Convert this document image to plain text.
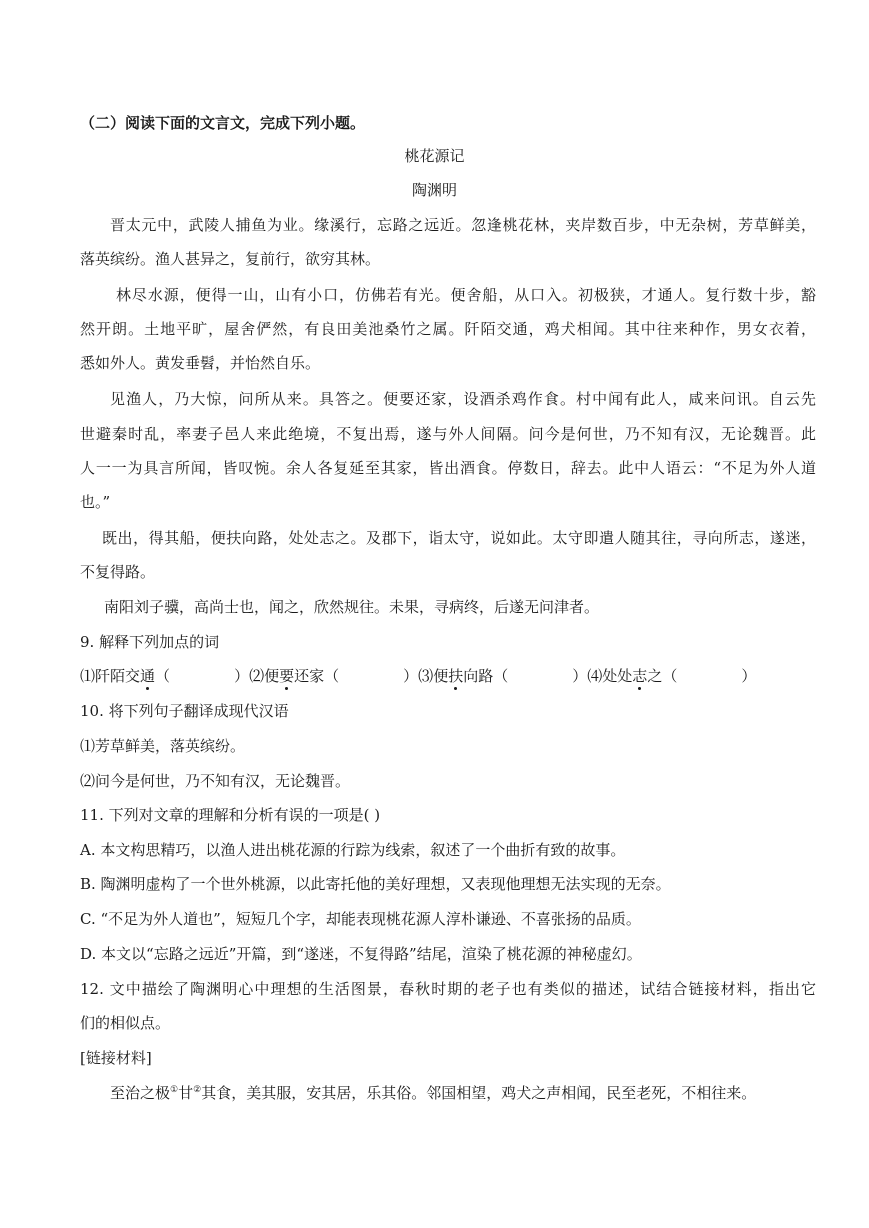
（二）阅读下面的文言文，完成下列小题。
桃花源记
陶渊明
晋太元中，武陵人捕鱼为业。缘溪行，忘路之远近。忽逢桃花林，夹岸数百步，中无杂树，芳草鲜美，
落英缤纷。渔人甚异之，复前行，欲穷其林。
林尽水源，便得一山，山有小口，仿佛若有光。便舍船，从口入。初极狭，才通人。复行数十步，豁
然开朗。土地平旷，屋舍俨然，有良田美池桑竹之属。阡陌交通，鸡犬相闻。其中往来种作，男女衣着，
悉如外人。黄发垂髫，并怡然自乐。
见渔人，乃大惊，问所从来。具答之。便要还家，设酒杀鸡作食。村中闻有此人，咸来问讯。自云先
世避秦时乱，率妻子邑人来此绝境，不复出焉，遂与外人间隔。问今是何世，乃不知有汉，无论魏晋。此
人一一为具言所闻，皆叹惋。余人各复延至其家，皆出酒食。停数日，辞去。此中人语云：“不足为外人道
也。”
既出，得其船，便扶向路，处处志之。及郡下，诣太守，说如此。太守即遣人随其往，寻向所志，遂迷，
不复得路。
南阳刘子骥，高尚士也，闻之，欣然规往。未果，寻病终，后遂无问津者。
9. 解释下列加点的词
⑴阡陌交通（	）⑵便要还家（	）⑶便扶向路（	）⑷处处志之（	）
10. 将下列句子翻译成现代汉语
⑴芳草鲜美，落英缤纷。
⑵问今是何世，乃不知有汉，无论魏晋。
11. 下列对文章的理解和分析有误的一项是( )
A. 本文构思精巧，以渔人进出桃花源的行踪为线索，叙述了一个曲折有致的故事。
B. 陶渊明虚构了一个世外桃源，以此寄托他的美好理想，又表现他理想无法实现的无奈。
C. “不足为外人道也”，短短几个字，却能表现桃花源人淳朴谦逊、不喜张扬的品质。
D. 本文以“忘路之远近”开篇，到“遂迷，不复得路”结尾，渲染了桃花源的神秘虚幻。
12. 文中描绘了陶渊明心中理想的生活图景，春秋时期的老子也有类似的描述，试结合链接材料，指出它
们的相似点。
[链接材料]
至治之极①甘②其食，美其服，安其居，乐其俗。邻国相望，鸡犬之声相闻，民至老死，不相往来。
